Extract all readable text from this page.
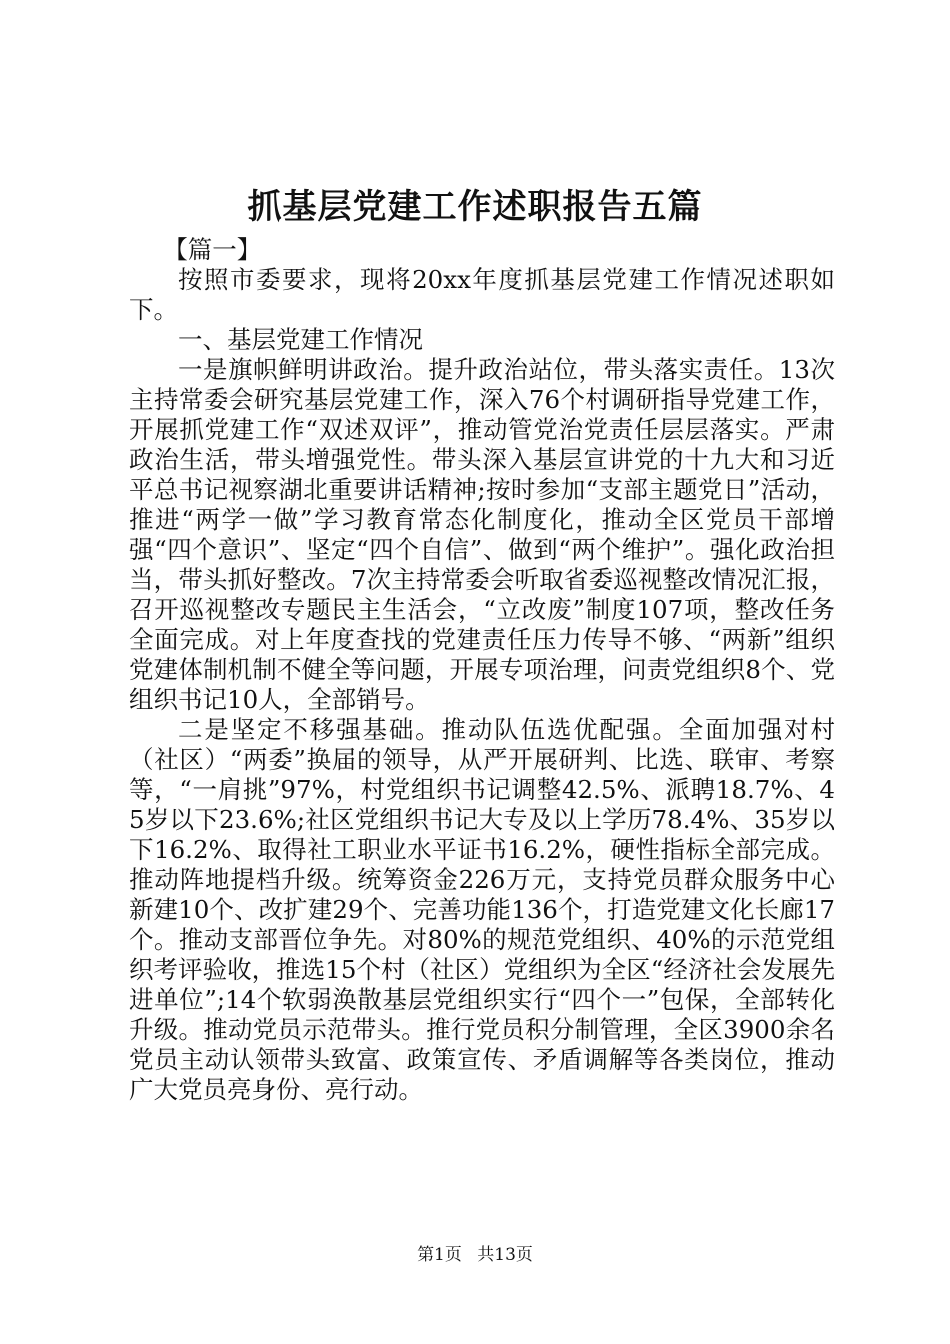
抓基层党建工作述职报告五篇

【篇一】

按照市委要求，现将20xx年度抓基层党建工作情况述职如下。

一、基层党建工作情况

一是旗帜鲜明讲政治。提升政治站位，带头落实责任。13次主持常委会研究基层党建工作，深入76个村调研指导党建工作，开展抓党建工作“双述双评”，推动管党治党责任层层落实。严肃政治生活，带头增强党性。带头深入基层宣讲党的十九大和习近平总书记视察湖北重要讲话精神;按时参加“支部主题党日”活动，推进“两学一做”学习教育常态化制度化，推动全区党员干部增强“四个意识”、坚定“四个自信”、做到“两个维护”。强化政治担当，带头抓好整改。7次主持常委会听取省委巡视整改情况汇报，召开巡视整改专题民主生活会，“立改废”制度107项，整改任务全面完成。对上年度查找的党建责任压力传导不够、“两新”组织党建体制机制不健全等问题，开展专项治理，问责党组织8个、党组织书记10人，全部销号。

二是坚定不移强基础。推动队伍选优配强。全面加强对村（社区）“两委”换届的领导，从严开展研判、比选、联审、考察等，“一肩挑”97%，村党组织书记调整42.5%、派聘18.7%、45岁以下23.6%;社区党组织书记大专及以上学历78.4%、35岁以下16.2%、取得社工职业水平证书16.2%，硬性指标全部完成。推动阵地提档升级。统筹资金226万元，支持党员群众服务中心新建10个、改扩建29个、完善功能136个，打造党建文化长廊17个。推动支部晋位争先。对80%的规范党组织、40%的示范党组织考评验收，推选15个村（社区）党组织为全区“经济社会发展先进单位”;14个软弱涣散基层党组织实行“四个一”包保，全部转化升级。推动党员示范带头。推行党员积分制管理，全区3900余名党员主动认领带头致富、政策宣传、矛盾调解等各类岗位，推动广大党员亮身份、亮行动。

第1页 共13页
